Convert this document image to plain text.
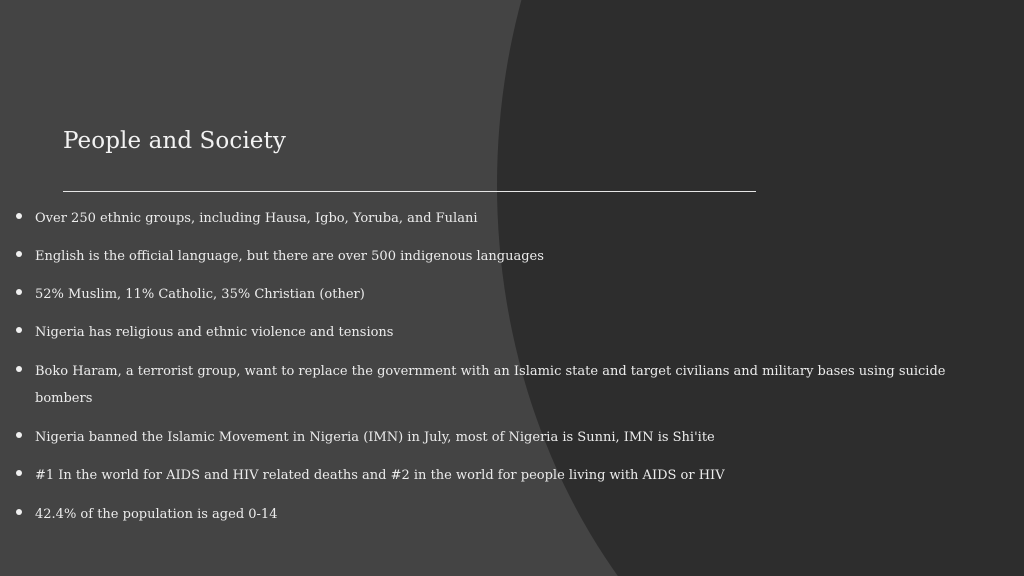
People and Society
Over 250 ethnic groups, including Hausa, Igbo, Yoruba, and Fulani
English is the official language, but there are over 500 indigenous languages
52% Muslim, 11% Catholic, 35% Christian (other)
Nigeria has religious and ethnic violence and tensions
Boko Haram, a terrorist group, want to replace the government with an Islamic state and target civilians and military bases using suicide bombers
Nigeria banned the Islamic Movement in Nigeria (IMN) in July, most of Nigeria is Sunni, IMN is Shi'ite
#1 In the world for AIDS and HIV related deaths and #2 in the world for people living with AIDS or HIV
42.4% of the population is aged 0-14
